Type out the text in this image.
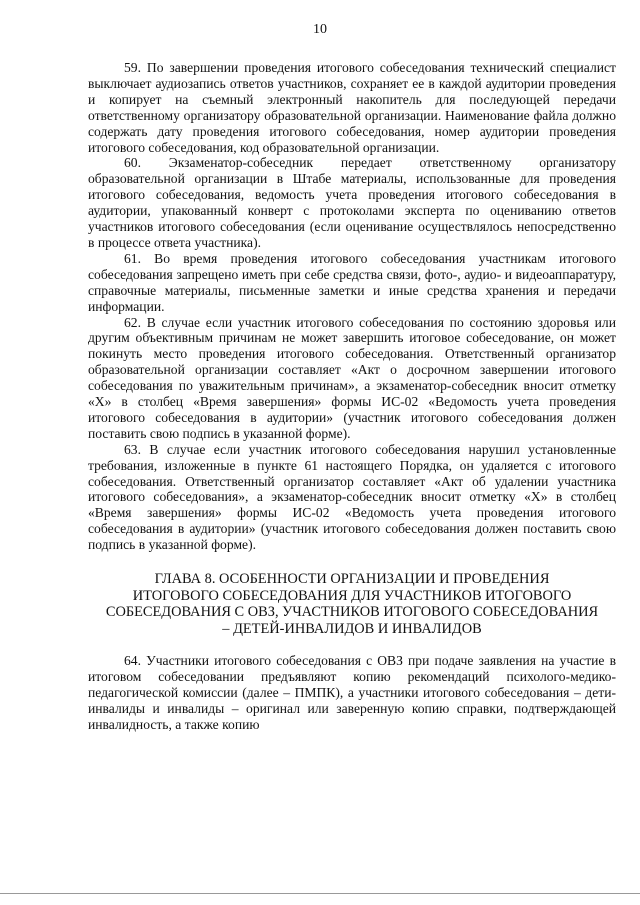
10

59. По завершении проведения итогового собеседования технический специалист выключает аудиозапись ответов участников, сохраняет ее в каждой аудитории проведения и копирует на съемный электронный накопитель для последующей передачи ответственному организатору образовательной организации. Наименование файла должно содержать дату проведения итогового собеседования, номер аудитории проведения итогового собеседования, код образовательной организации.

60. Экзаменатор-собеседник передает ответственному организатору образовательной организации в Штабе материалы, использованные для проведения итогового собеседования, ведомость учета проведения итогового собеседования в аудитории, упакованный конверт с протоколами эксперта по оцениванию ответов участников итогового собеседования (если оценивание осуществлялось непосредственно в процессе ответа участника).

61. Во время проведения итогового собеседования участникам итогового собеседования запрещено иметь при себе средства связи, фото-, аудио- и видеоаппаратуру, справочные материалы, письменные заметки и иные средства хранения и передачи информации.

62. В случае если участник итогового собеседования по состоянию здоровья или другим объективным причинам не может завершить итоговое собеседование, он может покинуть место проведения итогового собеседования. Ответственный организатор образовательной организации составляет «Акт о досрочном завершении итогового собеседования по уважительным причинам», а экзаменатор-собеседник вносит отметку «X» в столбец «Время завершения» формы ИС-02 «Ведомость учета проведения итогового собеседования в аудитории» (участник итогового собеседования должен поставить свою подпись в указанной форме).

63. В случае если участник итогового собеседования нарушил установленные требования, изложенные в пункте 61 настоящего Порядка, он удаляется с итогового собеседования. Ответственный организатор составляет «Акт об удалении участника итогового собеседования», а экзаменатор-собеседник вносит отметку «X» в столбец «Время завершения» формы ИС-02 «Ведомость учета проведения итогового собеседования в аудитории» (участник итогового собеседования должен поставить свою подпись в указанной форме).

ГЛАВА 8. ОСОБЕННОСТИ ОРГАНИЗАЦИИ И ПРОВЕДЕНИЯ
ИТОГОВОГО СОБЕСЕДОВАНИЯ ДЛЯ УЧАСТНИКОВ ИТОГОВОГО
СОБЕСЕДОВАНИЯ С ОВЗ, УЧАСТНИКОВ ИТОГОВОГО СОБЕСЕДОВАНИЯ
– ДЕТЕЙ-ИНВАЛИДОВ И ИНВАЛИДОВ

64. Участники итогового собеседования с ОВЗ при подаче заявления на участие в итоговом собеседовании предъявляют копию рекомендаций психолого-медико-педагогической комиссии (далее – ПМПК), а участники итогового собеседования – дети-инвалиды и инвалиды – оригинал или заверенную копию справки, подтверждающей инвалидность, а также копию
